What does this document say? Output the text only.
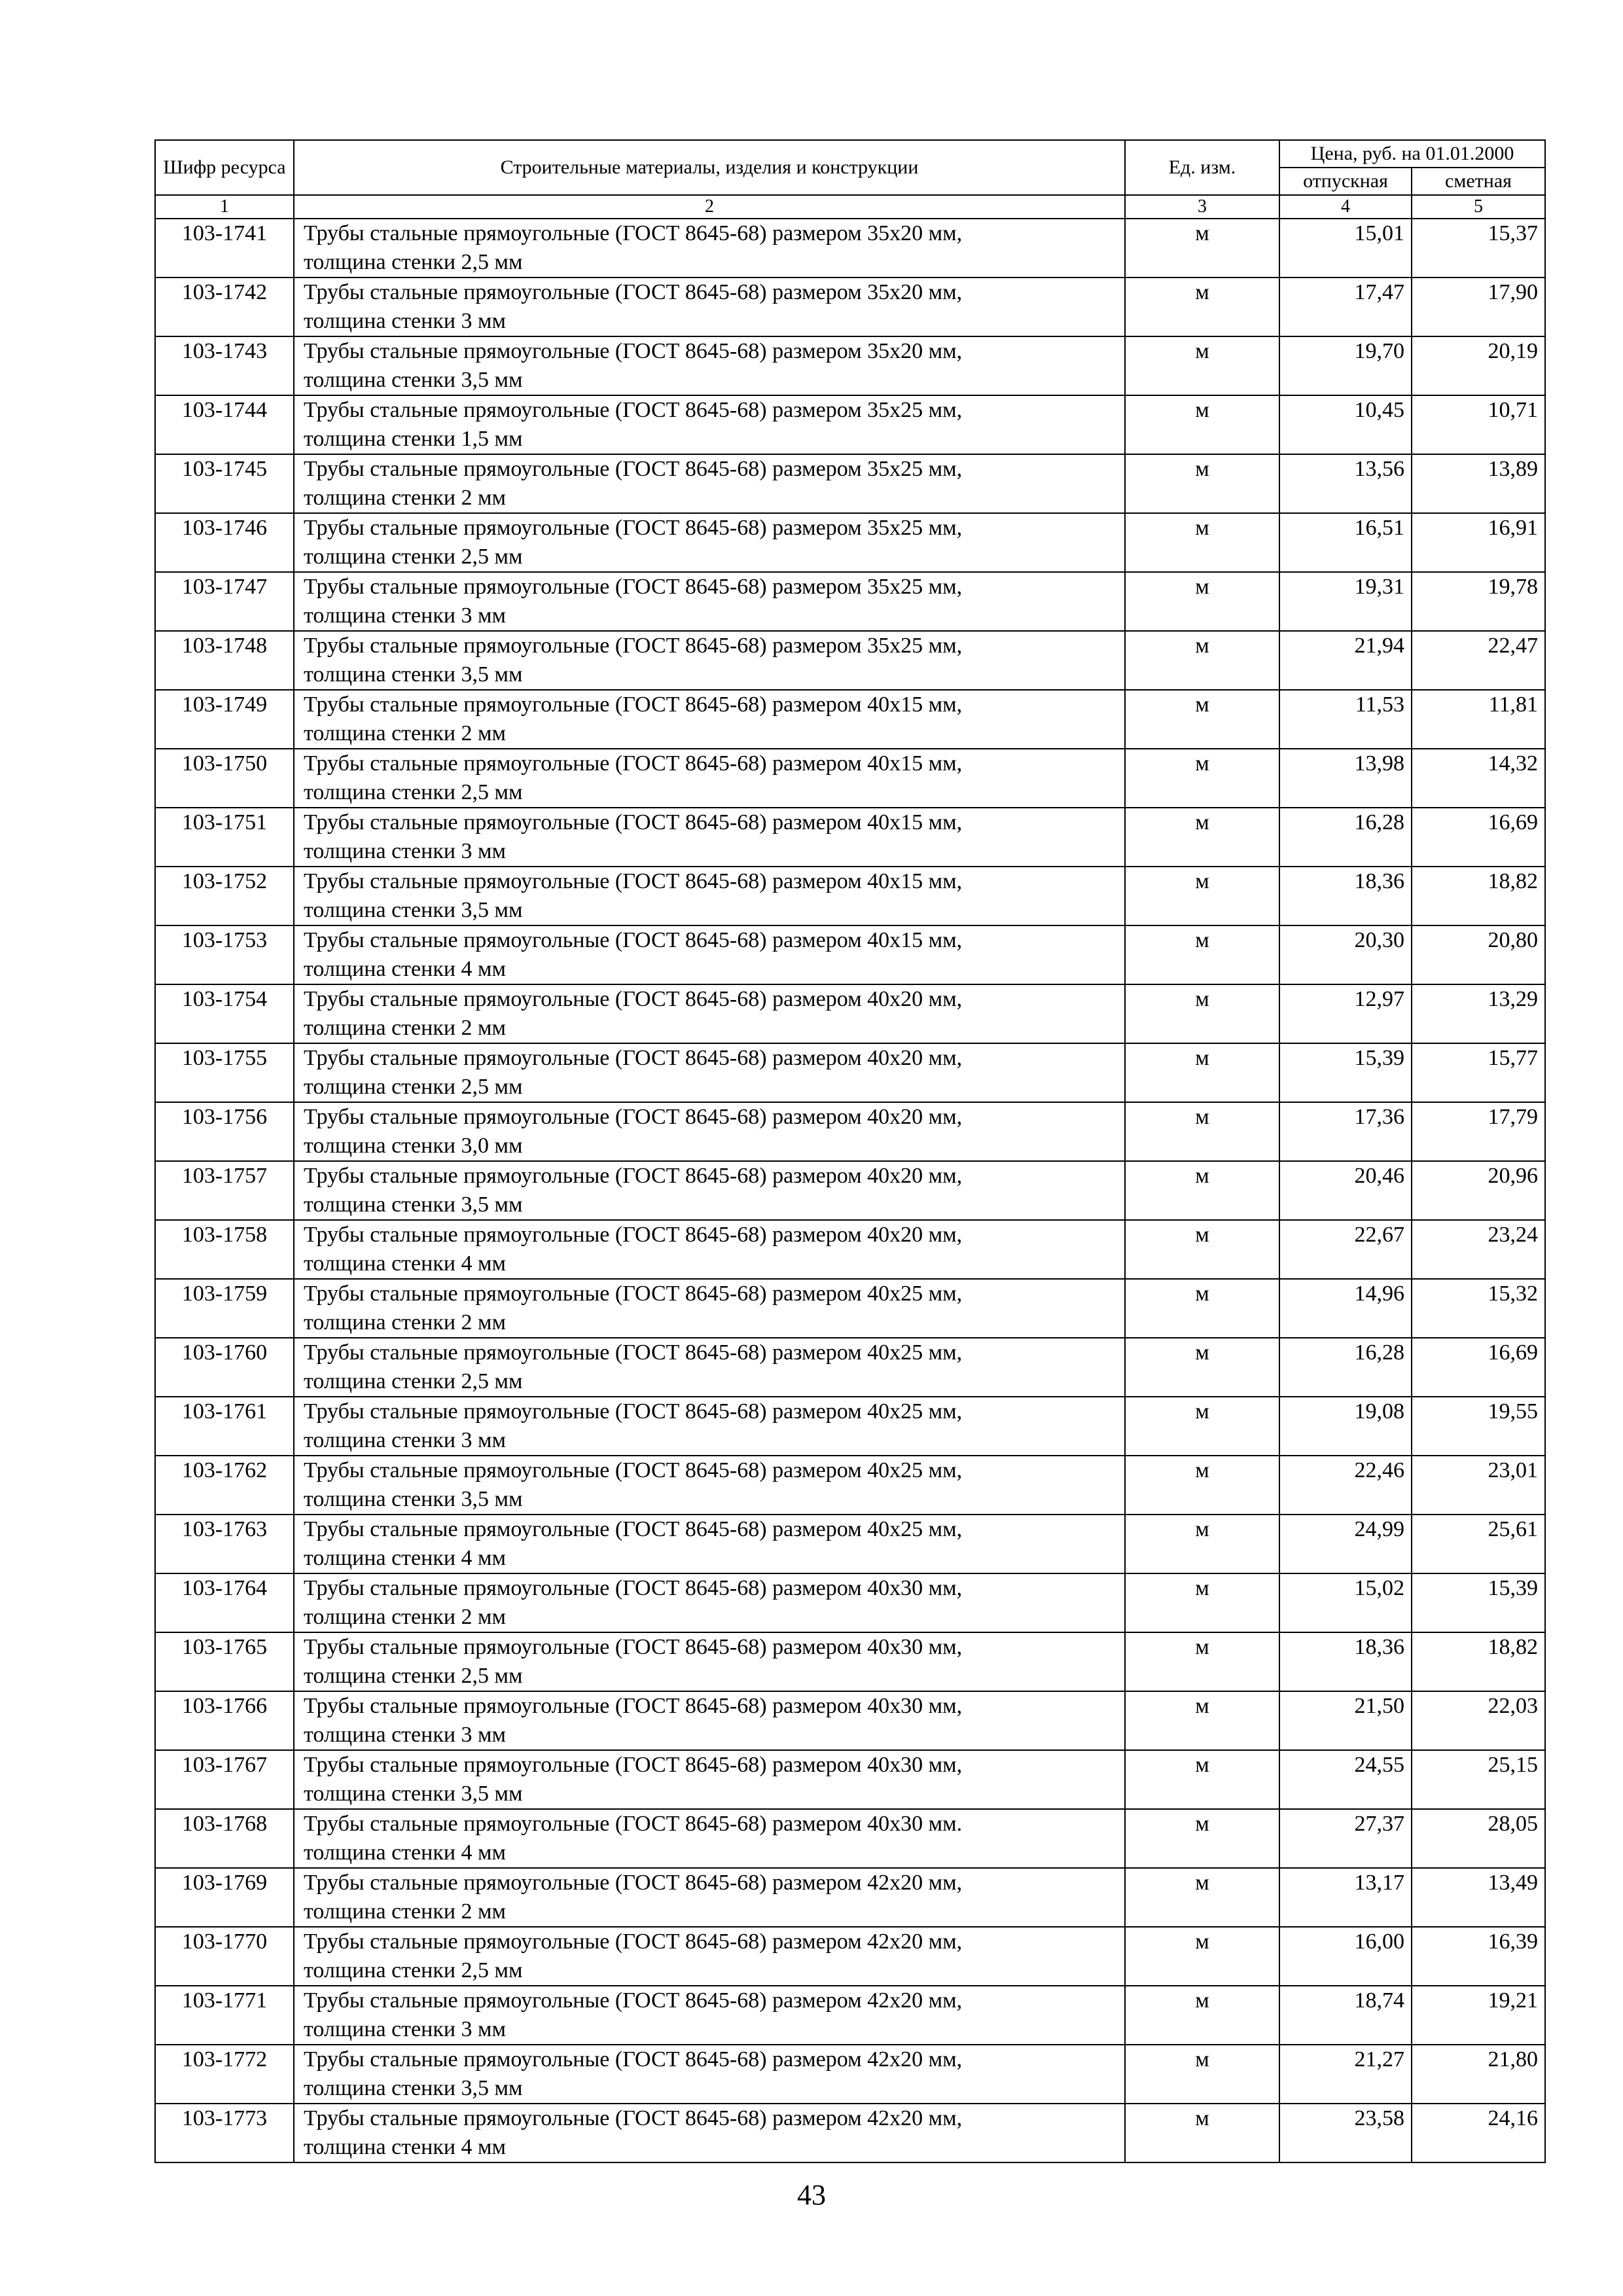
Шифр ресурса	Строительные материалы, изделия и конструкции	Ед. изм.	Цена, руб. на 01.01.2000	
			отпускная	сметная
1	2	3	4	5
103-1741	Трубы стальные прямоугольные (ГОСТ 8645-68) размером 35х20 мм,
толщина стенки 2,5 мм	м	15,01	15,37
103-1742	Трубы стальные прямоугольные (ГОСТ 8645-68) размером 35х20 мм,
толщина стенки 3 мм	м	17,47	17,90
103-1743	Трубы стальные прямоугольные (ГОСТ 8645-68) размером 35х20 мм,
толщина стенки 3,5 мм	м	19,70	20,19
103-1744	Трубы стальные прямоугольные (ГОСТ 8645-68) размером 35х25 мм,
толщина стенки 1,5 мм	м	10,45	10,71
103-1745	Трубы стальные прямоугольные (ГОСТ 8645-68) размером 35х25 мм,
толщина стенки 2 мм	м	13,56	13,89
103-1746	Трубы стальные прямоугольные (ГОСТ 8645-68) размером 35х25 мм,
толщина стенки 2,5 мм	м	16,51	16,91
103-1747	Трубы стальные прямоугольные (ГОСТ 8645-68) размером 35х25 мм,
толщина стенки 3 мм	м	19,31	19,78
103-1748	Трубы стальные прямоугольные (ГОСТ 8645-68) размером 35х25 мм,
толщина стенки 3,5 мм	м	21,94	22,47
103-1749	Трубы стальные прямоугольные (ГОСТ 8645-68) размером 40х15 мм,
толщина стенки 2 мм	м	11,53	11,81
103-1750	Трубы стальные прямоугольные (ГОСТ 8645-68) размером 40х15 мм,
толщина стенки 2,5 мм	м	13,98	14,32
103-1751	Трубы стальные прямоугольные (ГОСТ 8645-68) размером 40х15 мм,
толщина стенки 3 мм	м	16,28	16,69
103-1752	Трубы стальные прямоугольные (ГОСТ 8645-68) размером 40х15 мм,
толщина стенки 3,5 мм	м	18,36	18,82
103-1753	Трубы стальные прямоугольные (ГОСТ 8645-68) размером 40х15 мм,
толщина стенки 4 мм	м	20,30	20,80
103-1754	Трубы стальные прямоугольные (ГОСТ 8645-68) размером 40х20 мм,
толщина стенки 2 мм	м	12,97	13,29
103-1755	Трубы стальные прямоугольные (ГОСТ 8645-68) размером 40х20 мм,
толщина стенки 2,5 мм	м	15,39	15,77
103-1756	Трубы стальные прямоугольные (ГОСТ 8645-68) размером 40х20 мм,
толщина стенки 3,0 мм	м	17,36	17,79
103-1757	Трубы стальные прямоугольные (ГОСТ 8645-68) размером 40х20 мм,
толщина стенки 3,5 мм	м	20,46	20,96
103-1758	Трубы стальные прямоугольные (ГОСТ 8645-68) размером 40х20 мм,
толщина стенки 4 мм	м	22,67	23,24
103-1759	Трубы стальные прямоугольные (ГОСТ 8645-68) размером 40х25 мм,
толщина стенки 2 мм	м	14,96	15,32
103-1760	Трубы стальные прямоугольные (ГОСТ 8645-68) размером 40х25 мм,
толщина стенки 2,5 мм	м	16,28	16,69
103-1761	Трубы стальные прямоугольные (ГОСТ 8645-68) размером 40х25 мм,
толщина стенки 3 мм	м	19,08	19,55
103-1762	Трубы стальные прямоугольные (ГОСТ 8645-68) размером 40х25 мм,
толщина стенки 3,5 мм	м	22,46	23,01
103-1763	Трубы стальные прямоугольные (ГОСТ 8645-68) размером 40х25 мм,
толщина стенки 4 мм	м	24,99	25,61
103-1764	Трубы стальные прямоугольные (ГОСТ 8645-68) размером 40х30 мм,
толщина стенки 2 мм	м	15,02	15,39
103-1765	Трубы стальные прямоугольные (ГОСТ 8645-68) размером 40х30 мм,
толщина стенки 2,5 мм	м	18,36	18,82
103-1766	Трубы стальные прямоугольные (ГОСТ 8645-68) размером 40х30 мм,
толщина стенки 3 мм	м	21,50	22,03
103-1767	Трубы стальные прямоугольные (ГОСТ 8645-68) размером 40х30 мм,
толщина стенки 3,5 мм	м	24,55	25,15
103-1768	Трубы стальные прямоугольные (ГОСТ 8645-68) размером 40х30 мм.
толщина стенки 4 мм	м	27,37	28,05
103-1769	Трубы стальные прямоугольные (ГОСТ 8645-68) размером 42х20 мм,
толщина стенки 2 мм	м	13,17	13,49
103-1770	Трубы стальные прямоугольные (ГОСТ 8645-68) размером 42х20 мм,
толщина стенки 2,5 мм	м	16,00	16,39
103-1771	Трубы стальные прямоугольные (ГОСТ 8645-68) размером 42х20 мм,
толщина стенки 3 мм	м	18,74	19,21
103-1772	Трубы стальные прямоугольные (ГОСТ 8645-68) размером 42х20 мм,
толщина стенки 3,5 мм	м	21,27	21,80
103-1773	Трубы стальные прямоугольные (ГОСТ 8645-68) размером 42х20 мм,
толщина стенки 4 мм	м	23,58	24,16
43
